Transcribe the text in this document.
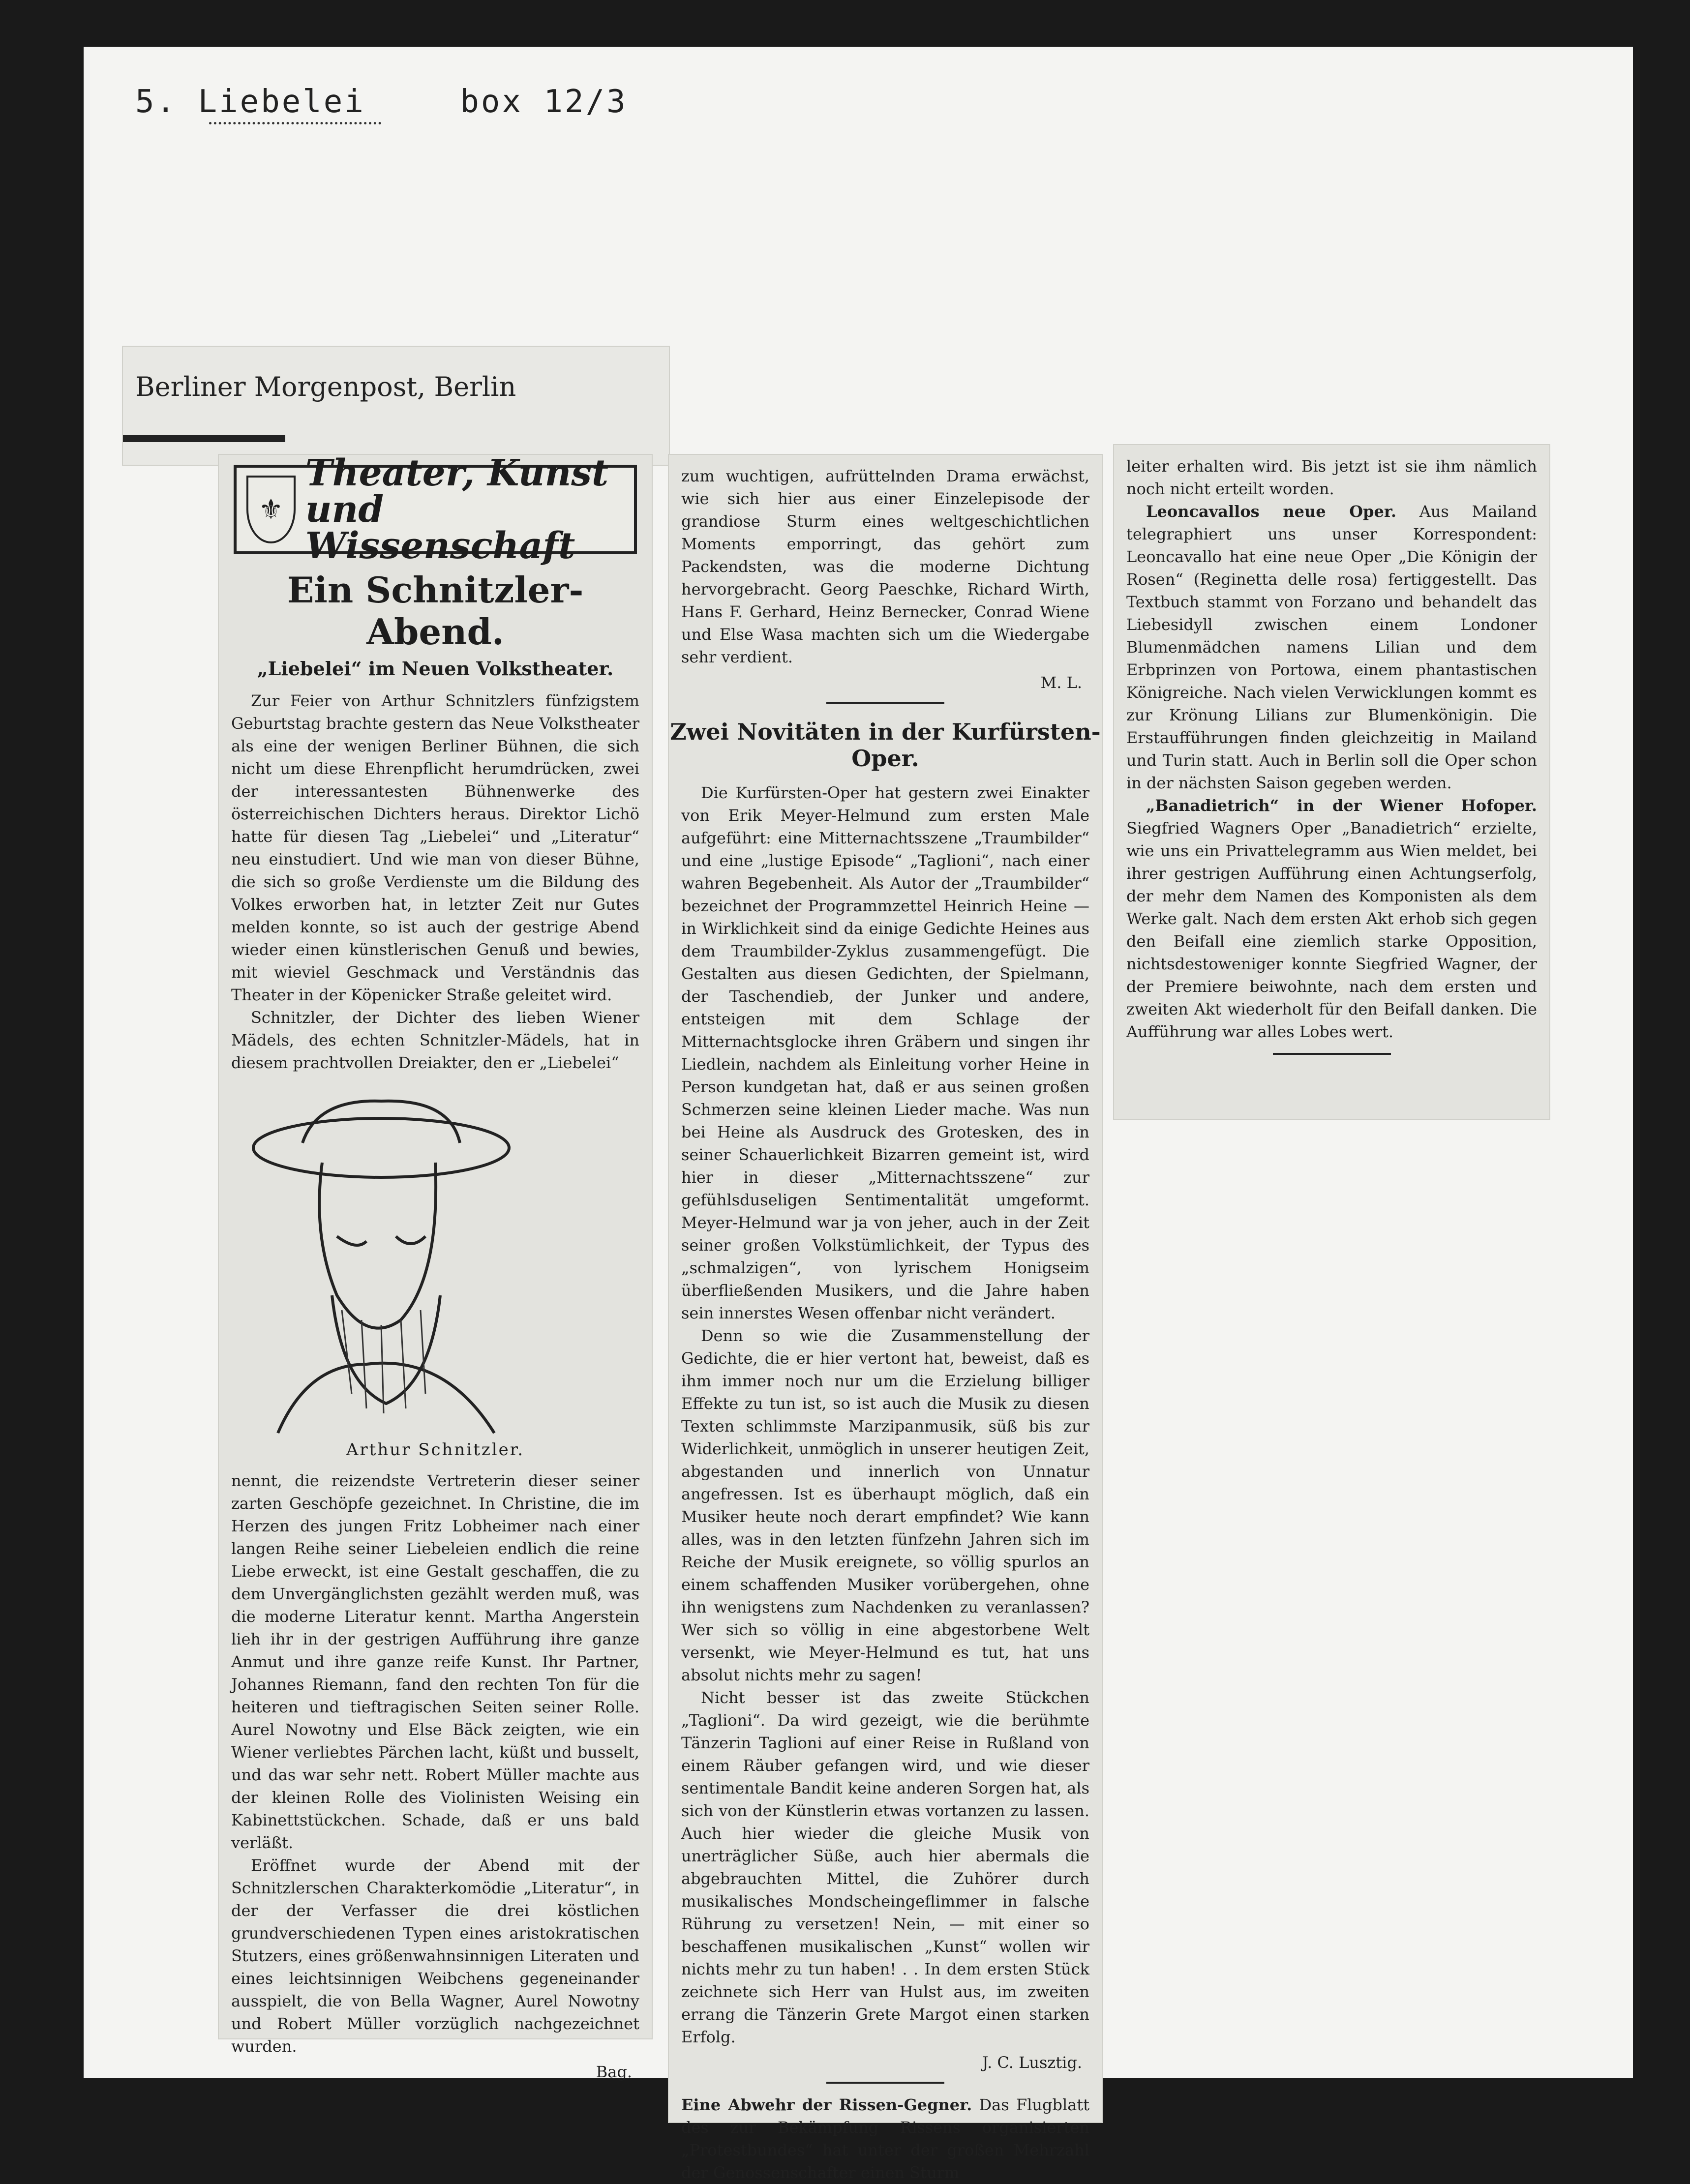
5. Liebelei	box 12/3
Berliner Morgenpost, Berlin
⚜
Theater, Kunst und
Wissenschaft
Ein Schnitzler-Abend.
„Liebelei“ im Neuen Volkstheater.

Zur Feier von Arthur Schnitzlers fünfzigstem Geburtstag brachte gestern das Neue Volkstheater als eine der wenigen Berliner Bühnen, die sich nicht um diese Ehrenpflicht herumdrücken, zwei der interessantesten Bühnenwerke des österreichischen Dichters heraus. Direktor Lichö hatte für diesen Tag „Liebelei“ und „Literatur“ neu einstudiert. Und wie man von dieser Bühne, die sich so große Verdienste um die Bildung des Volkes erworben hat, in letzter Zeit nur Gutes melden konnte, so ist auch der gestrige Abend wieder einen künstlerischen Genuß und bewies, mit wieviel Geschmack und Verständnis das Theater in der Köpenicker Straße geleitet wird.

Schnitzler, der Dichter des lieben Wiener Mädels, des echten Schnitzler-Mädels, hat in diesem prachtvollen Dreiakter, den er „Liebelei“

Arthur Schnitzler.

nennt, die reizendste Vertreterin dieser seiner zarten Geschöpfe gezeichnet. In Christine, die im Herzen des jungen Fritz Lobheimer nach einer langen Reihe seiner Liebeleien endlich die reine Liebe erweckt, ist eine Gestalt geschaffen, die zu dem Unvergänglichsten gezählt werden muß, was die moderne Literatur kennt. Martha Angerstein lieh ihr in der gestrigen Aufführung ihre ganze Anmut und ihre ganze reife Kunst. Ihr Partner, Johannes Riemann, fand den rechten Ton für die heiteren und tieftragischen Seiten seiner Rolle. Aurel Nowotny und Else Bäck zeigten, wie ein Wiener verliebtes Pärchen lacht, küßt und busselt, und das war sehr nett. Robert Müller machte aus der kleinen Rolle des Violinisten Weising ein Kabinettstückchen. Schade, daß er uns bald verläßt.

Eröffnet wurde der Abend mit der Schnitzlerschen Charakterkomödie „Literatur“, in der der Verfasser die drei köstlichen grundverschiedenen Typen eines aristokratischen Stutzers, eines größenwahnsinnigen Literaten und eines leichtsinnigen Weibchens gegeneinander ausspielt, die von Bella Wagner, Aurel Nowotny und Robert Müller vorzüglich nachgezeichnet wurden.

Bag.

zum wuchtigen, aufrüttelnden Drama erwächst, wie sich hier aus einer Einzelepisode der grandiose Sturm eines weltgeschichtlichen Moments emporringt, das gehört zum Packendsten, was die moderne Dichtung hervorgebracht. Georg Paeschke, Richard Wirth, Hans F. Gerhard, Heinz Bernecker, Conrad Wiene und Else Wasa machten sich um die Wiedergabe sehr verdient.

M. L.
Zwei Novitäten in der Kurfürsten-Oper.

Die Kurfürsten-Oper hat gestern zwei Einakter von Erik Meyer-Helmund zum ersten Male aufgeführt: eine Mitternachtsszene „Traumbilder“ und eine „lustige Episode“ „Taglioni“, nach einer wahren Begebenheit. Als Autor der „Traumbilder“ bezeichnet der Programmzettel Heinrich Heine — in Wirklichkeit sind da einige Gedichte Heines aus dem Traumbilder-Zyklus zusammengefügt. Die Gestalten aus diesen Gedichten, der Spielmann, der Taschendieb, der Junker und andere, entsteigen mit dem Schlage der Mitternachtsglocke ihren Gräbern und singen ihr Liedlein, nachdem als Einleitung vorher Heine in Person kundgetan hat, daß er aus seinen großen Schmerzen seine kleinen Lieder mache. Was nun bei Heine als Ausdruck des Grotesken, des in seiner Schauerlichkeit Bizarren gemeint ist, wird hier in dieser „Mitternachtsszene“ zur gefühlsduseligen Sentimentalität umgeformt. Meyer-Helmund war ja von jeher, auch in der Zeit seiner großen Volkstümlichkeit, der Typus des „schmalzigen“, von lyrischem Honigseim überfließenden Musikers, und die Jahre haben sein innerstes Wesen offenbar nicht verändert.

Denn so wie die Zusammenstellung der Gedichte, die er hier vertont hat, beweist, daß es ihm immer noch nur um die Erzielung billiger Effekte zu tun ist, so ist auch die Musik zu diesen Texten schlimmste Marzipanmusik, süß bis zur Widerlichkeit, unmöglich in unserer heutigen Zeit, abgestanden und innerlich von Unnatur angefressen. Ist es überhaupt möglich, daß ein Musiker heute noch derart empfindet? Wie kann alles, was in den letzten fünfzehn Jahren sich im Reiche der Musik ereignete, so völlig spurlos an einem schaffenden Musiker vorübergehen, ohne ihn wenigstens zum Nachdenken zu veranlassen? Wer sich so völlig in eine abgestorbene Welt versenkt, wie Meyer-Helmund es tut, hat uns absolut nichts mehr zu sagen!

Nicht besser ist das zweite Stückchen „Taglioni“. Da wird gezeigt, wie die berühmte Tänzerin Taglioni auf einer Reise in Rußland von einem Räuber gefangen wird, und wie dieser sentimentale Bandit keine anderen Sorgen hat, als sich von der Künstlerin etwas vortanzen zu lassen. Auch hier wieder die gleiche Musik von unerträglicher Süße, auch hier abermals die abgebrauchten Mittel, die Zuhörer durch musikalisches Mondscheingeflimmer in falsche Rührung zu versetzen! Nein, — mit einer so beschaffenen musikalischen „Kunst“ wollen wir nichts mehr zu tun haben! . . In dem ersten Stück zeichnete sich Herr van Hulst aus, im zweiten errang die Tänzerin Grete Margot einen starken Erfolg.

J. C. Lusztig.

Eine Abwehr der Rissen-Gegner. Das Flugblatt des zur Bekämpfung Rissens organisierten „Protestbundes“ hat unter der großen Mehrzahl der Genossenschafter einen Sturm

leiter erhalten wird. Bis jetzt ist sie ihm nämlich noch nicht erteilt worden.

Leoncavallos neue Oper. Aus Mailand telegraphiert uns unser Korrespondent: Leoncavallo hat eine neue Oper „Die Königin der Rosen“ (Reginetta delle rosa) fertiggestellt. Das Textbuch stammt von Forzano und behandelt das Liebesidyll zwischen einem Londoner Blumenmädchen namens Lilian und dem Erbprinzen von Portowa, einem phantastischen Königreiche. Nach vielen Verwicklungen kommt es zur Krönung Lilians zur Blumenkönigin. Die Erstaufführungen finden gleichzeitig in Mailand und Turin statt. Auch in Berlin soll die Oper schon in der nächsten Saison gegeben werden.

„Banadietrich“ in der Wiener Hofoper. Siegfried Wagners Oper „Banadietrich“ erzielte, wie uns ein Privattelegramm aus Wien meldet, bei ihrer gestrigen Aufführung einen Achtungserfolg, der mehr dem Namen des Komponisten als dem Werke galt. Nach dem ersten Akt erhob sich gegen den Beifall eine ziemlich starke Opposition, nichtsdestoweniger konnte Siegfried Wagner, der der Premiere beiwohnte, nach dem ersten und zweiten Akt wiederholt für den Beifall danken. Die Aufführung war alles Lobes wert.
